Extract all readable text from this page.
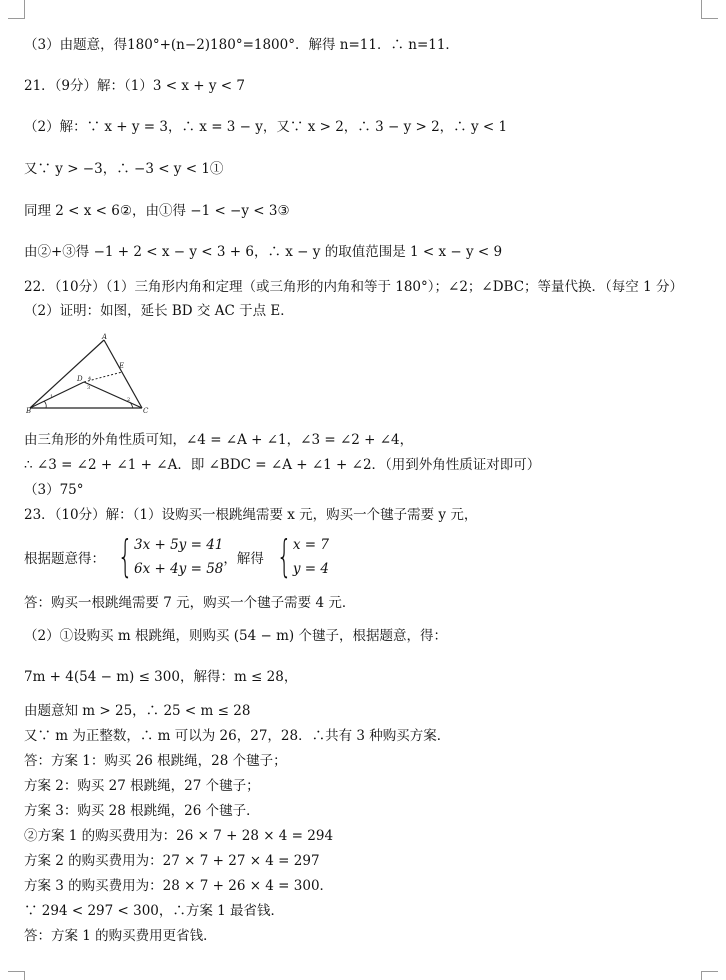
（3）由题意，得180°+(n−2)180°=1800°．解得 n=11．∴ n=11．
21．（9分）解：（1）3 < x + y < 7
（2）解：∵ x + y = 3，∴ x = 3 − y，又∵ x > 2，∴ 3 − y > 2，∴ y < 1
又∵ y > −3，∴ −3 < y < 1①
同理 2 < x < 6②，由①得 −1 < −y < 3③
由②+③得 −1 + 2 < x − y < 3 + 6，∴ x − y 的取值范围是 1 < x − y < 9
22．（10分）（1）三角形内角和定理（或三角形的内角和等于 180°）；∠2；∠DBC；等量代换．（每空 1 分）
（2）证明：如图，延长 BD 交 AC 于点 E．
A
B	C
D
E
1	2
3
4
由三角形的外角性质可知，∠4 = ∠A + ∠1，∠3 = ∠2 + ∠4，
∴ ∠3 = ∠2 + ∠1 + ∠A．即 ∠BDC = ∠A + ∠1 + ∠2．（用到外角性质证对即可）
（3）75°
23．（10分）解：（1）设购买一根跳绳需要 x 元，购买一个毽子需要 y 元，
根据题意得： { 3x + 5y = 41
6x + 4y = 58
，解得 { x = 7
y = 4
答：购买一根跳绳需要 7 元，购买一个毽子需要 4 元．
（2）①设购买 m 根跳绳，则购买 (54 − m) 个毽子，根据题意，得：
7m + 4(54 − m) ≤ 300，解得：m ≤ 28，
由题意知 m > 25，∴ 25 < m ≤ 28
又∵ m 为正整数，∴ m 可以为 26，27，28．∴共有 3 种购买方案．
答：方案 1：购买 26 根跳绳，28 个毽子；
方案 2：购买 27 根跳绳，27 个毽子；
方案 3：购买 28 根跳绳，26 个毽子．
②方案 1 的购买费用为：26 × 7 + 28 × 4 = 294
方案 2 的购买费用为：27 × 7 + 27 × 4 = 297
方案 3 的购买费用为：28 × 7 + 26 × 4 = 300．
∵ 294 < 297 < 300，∴方案 1 最省钱．
答：方案 1 的购买费用更省钱．
